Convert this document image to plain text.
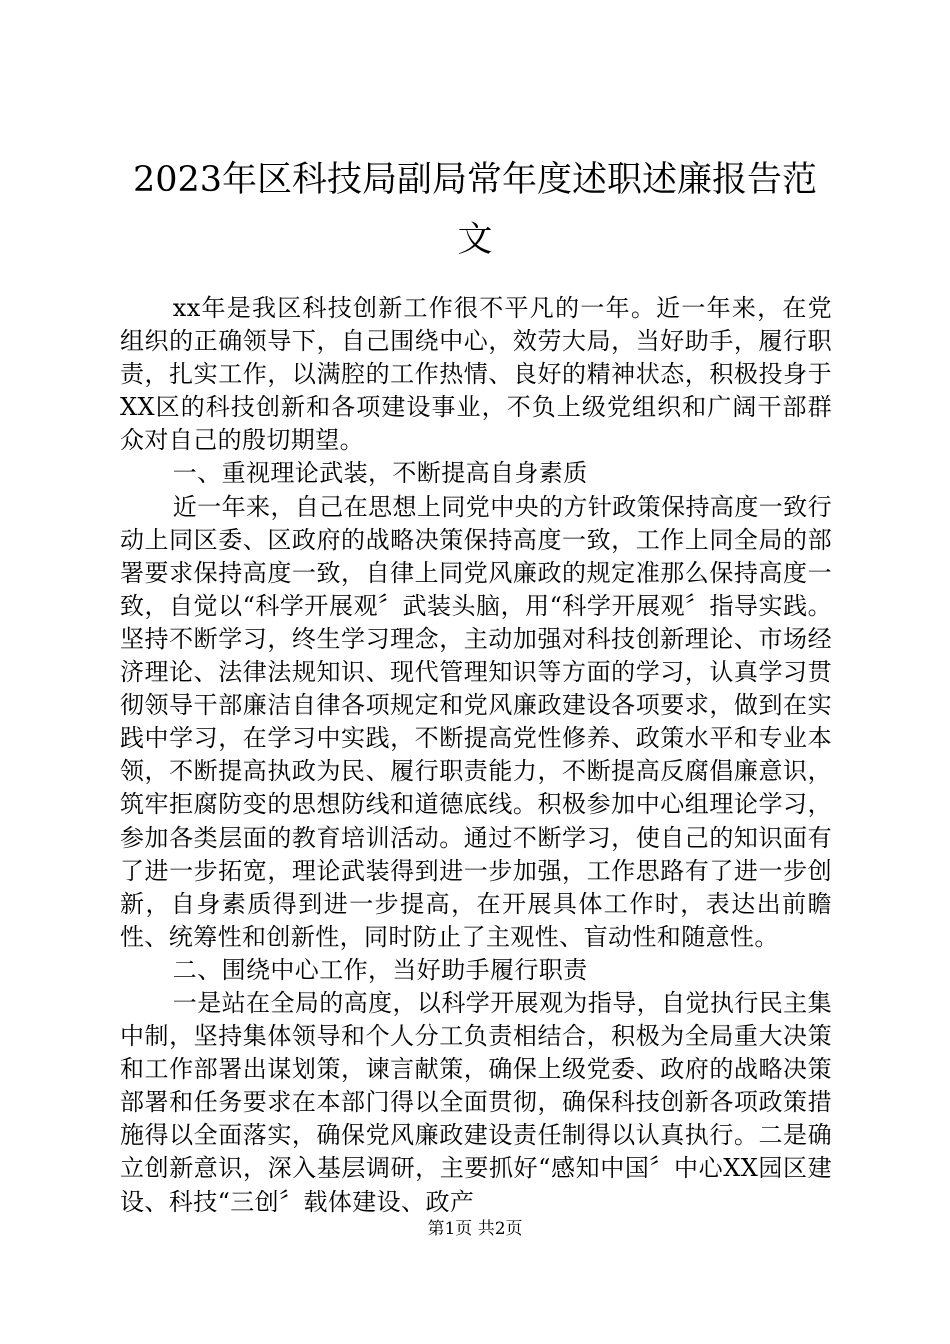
2023年区科技局副局常年度述职述廉报告范文

xx年是我区科技创新工作很不平凡的一年。近一年来，在党组织的正确领导下，自己围绕中心，效劳大局，当好助手，履行职责，扎实工作，以满腔的工作热情、良好的精神状态，积极投身于XX区的科技创新和各项建设事业，不负上级党组织和广阔干部群众对自己的殷切期望。

一、重视理论武装，不断提高自身素质

近一年来，自己在思想上同党中央的方针政策保持高度一致行动上同区委、区政府的战略决策保持高度一致，工作上同全局的部署要求保持高度一致，自律上同党风廉政的规定准那么保持高度一致，自觉以“科学开展观〞武装头脑，用“科学开展观〞指导实践。坚持不断学习，终生学习理念，主动加强对科技创新理论、市场经济理论、法律法规知识、现代管理知识等方面的学习，认真学习贯彻领导干部廉洁自律各项规定和党风廉政建设各项要求，做到在实践中学习，在学习中实践，不断提高党性修养、政策水平和专业本领，不断提高执政为民、履行职责能力，不断提高反腐倡廉意识，筑牢拒腐防变的思想防线和道德底线。积极参加中心组理论学习，参加各类层面的教育培训活动。通过不断学习，使自己的知识面有了进一步拓宽，理论武装得到进一步加强，工作思路有了进一步创新，自身素质得到进一步提高，在开展具体工作时，表达出前瞻性、统筹性和创新性，同时防止了主观性、盲动性和随意性。

二、围绕中心工作，当好助手履行职责

一是站在全局的高度，以科学开展观为指导，自觉执行民主集中制，坚持集体领导和个人分工负责相结合，积极为全局重大决策和工作部署出谋划策，谏言献策，确保上级党委、政府的战略决策部署和任务要求在本部门得以全面贯彻，确保科技创新各项政策措施得以全面落实，确保党风廉政建设责任制得以认真执行。二是确立创新意识，深入基层调研，主要抓好“感知中国〞中心XX园区建设、科技“三创〞载体建设、政产

第1页 共2页
